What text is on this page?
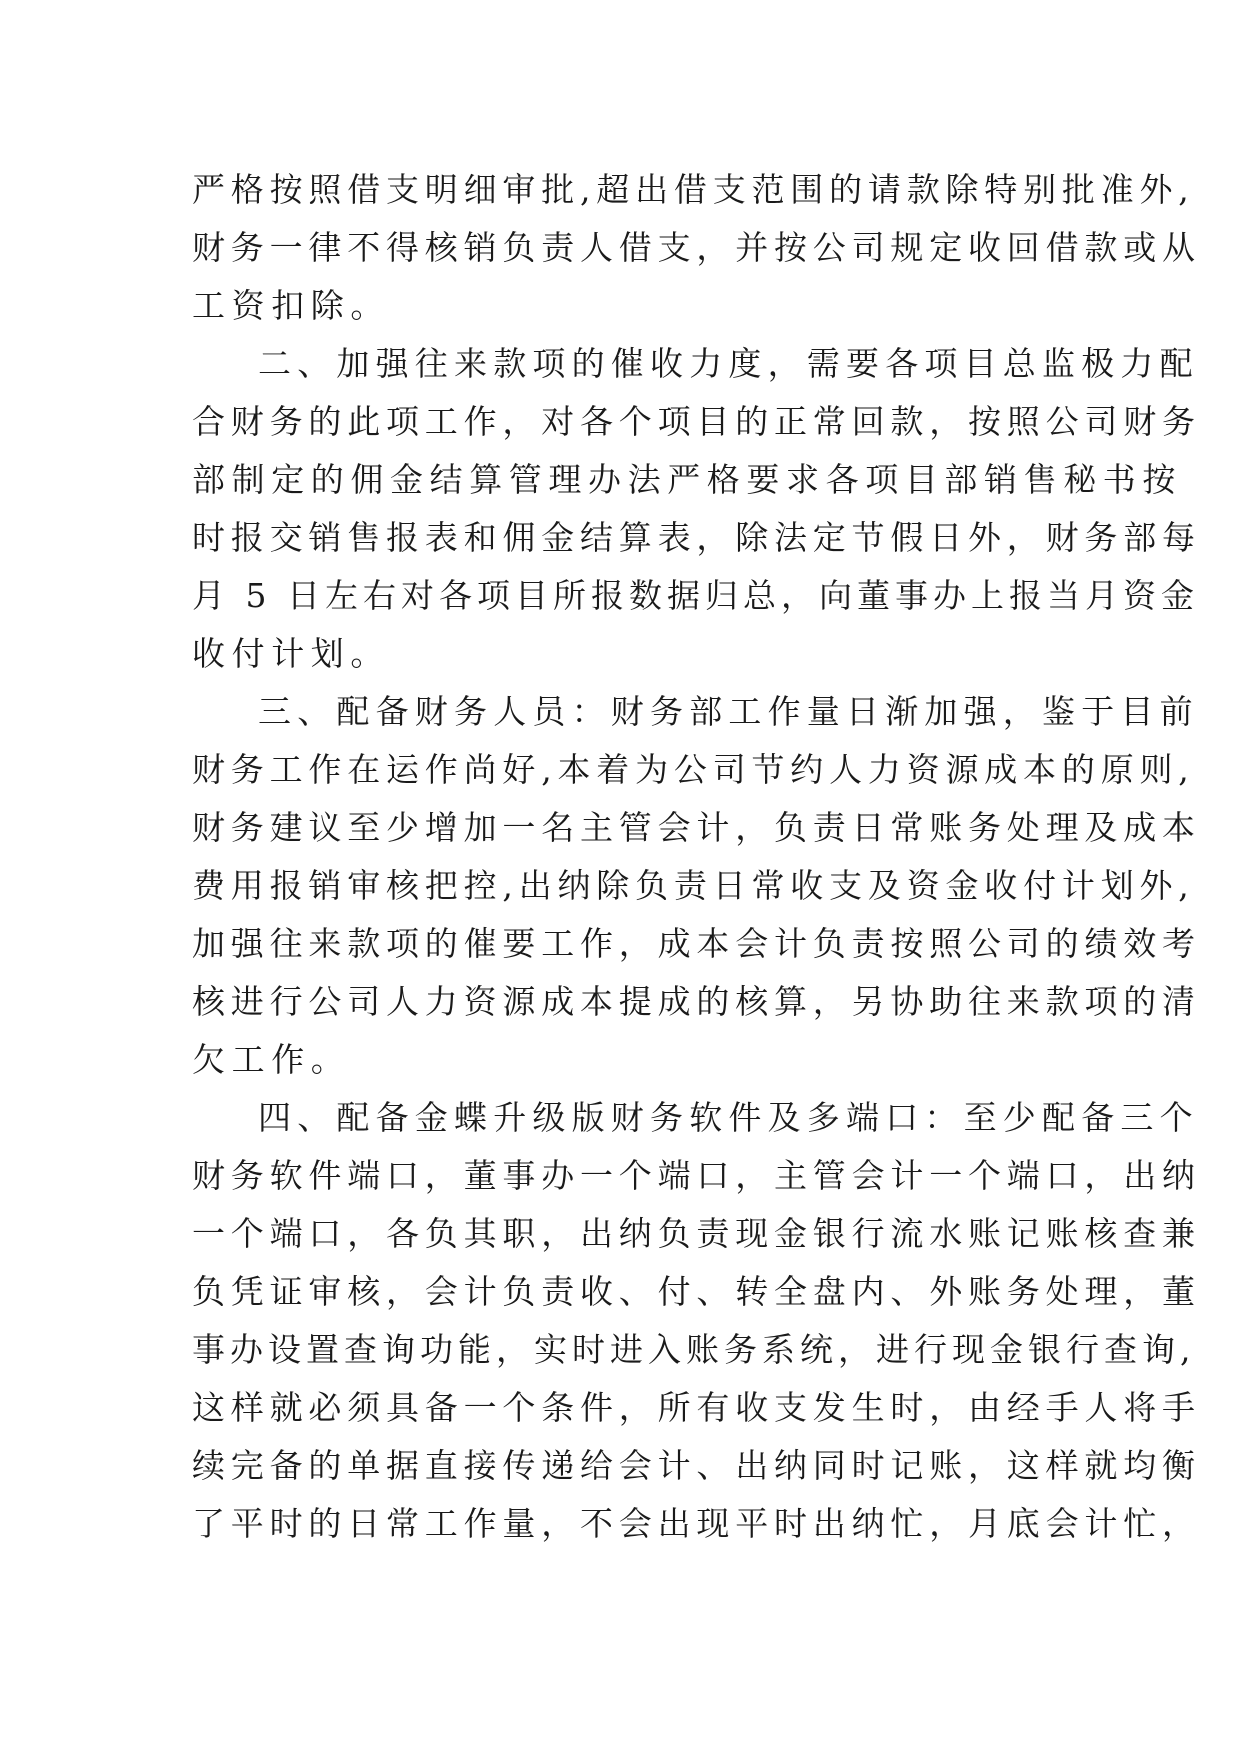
严格按照借支明细审批,超出借支范围的请款除特别批准外,
财务一律不得核销负责人借支，并按公司规定收回借款或从
工资扣除。
二、加强往来款项的催收力度，需要各项目总监极力配
合财务的此项工作，对各个项目的正常回款，按照公司财务
部制定的佣金结算管理办法严格要求各项目部销售秘书按
时报交销售报表和佣金结算表，除法定节假日外，财务部每
月 5 日左右对各项目所报数据归总，向董事办上报当月资金
收付计划。
三、配备财务人员：财务部工作量日渐加强，鉴于目前
财务工作在运作尚好,本着为公司节约人力资源成本的原则,
财务建议至少增加一名主管会计，负责日常账务处理及成本
费用报销审核把控,出纳除负责日常收支及资金收付计划外,
加强往来款项的催要工作，成本会计负责按照公司的绩效考
核进行公司人力资源成本提成的核算，另协助往来款项的清
欠工作。
四、配备金蝶升级版财务软件及多端口：至少配备三个
财务软件端口，董事办一个端口，主管会计一个端口，出纳
一个端口，各负其职，出纳负责现金银行流水账记账核查兼
负凭证审核，会计负责收、付、转全盘内、外账务处理，董
事办设置查询功能，实时进入账务系统，进行现金银行查询,
这样就必须具备一个条件，所有收支发生时，由经手人将手
续完备的单据直接传递给会计、出纳同时记账，这样就均衡
了平时的日常工作量，不会出现平时出纳忙，月底会计忙，
